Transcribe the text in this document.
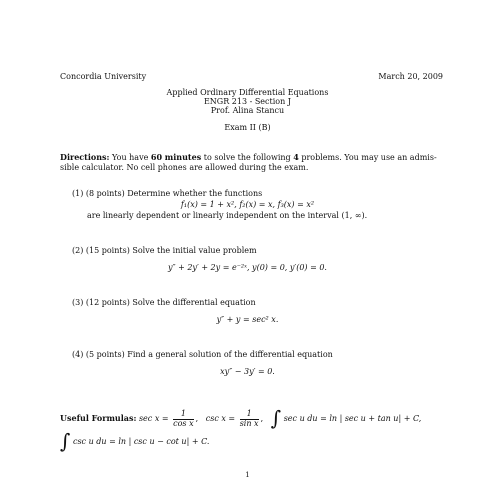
Concordia University	March 20, 2009
Applied Ordinary Differential Equations
ENGR 213 - Section J
Prof. Alina Stancu
Exam II (B)
Directions: You have 60 minutes to solve the following 4 problems. You may use an admis-
sible calculator. No cell phones are allowed during the exam.
(1) (8 points) Determine whether the functions
f₁(x) = 1 + x², f₂(x) = x, f₃(x) = x²
are linearly dependent or linearly independent on the interval (1, ∞).
(2) (15 points) Solve the initial value problem
y″ + 2y′ + 2y = e⁻²ˣ, y(0) = 0, y′(0) = 0.
(3) (12 points) Solve the differential equation
y″ + y = sec² x.
(4) (5 points) Find a general solution of the differential equation
xy″ − 3y′ = 0.
Useful Formulas: $\sec x = \frac{1}{\text{cos x}}$ ,   $\csc x = \frac{1}{\text{sin x}}$ ,   ∫ sec u du = ln | sec u + tan u| + C,
∫ csc u du = ln | csc u − cot u| + C.
1
